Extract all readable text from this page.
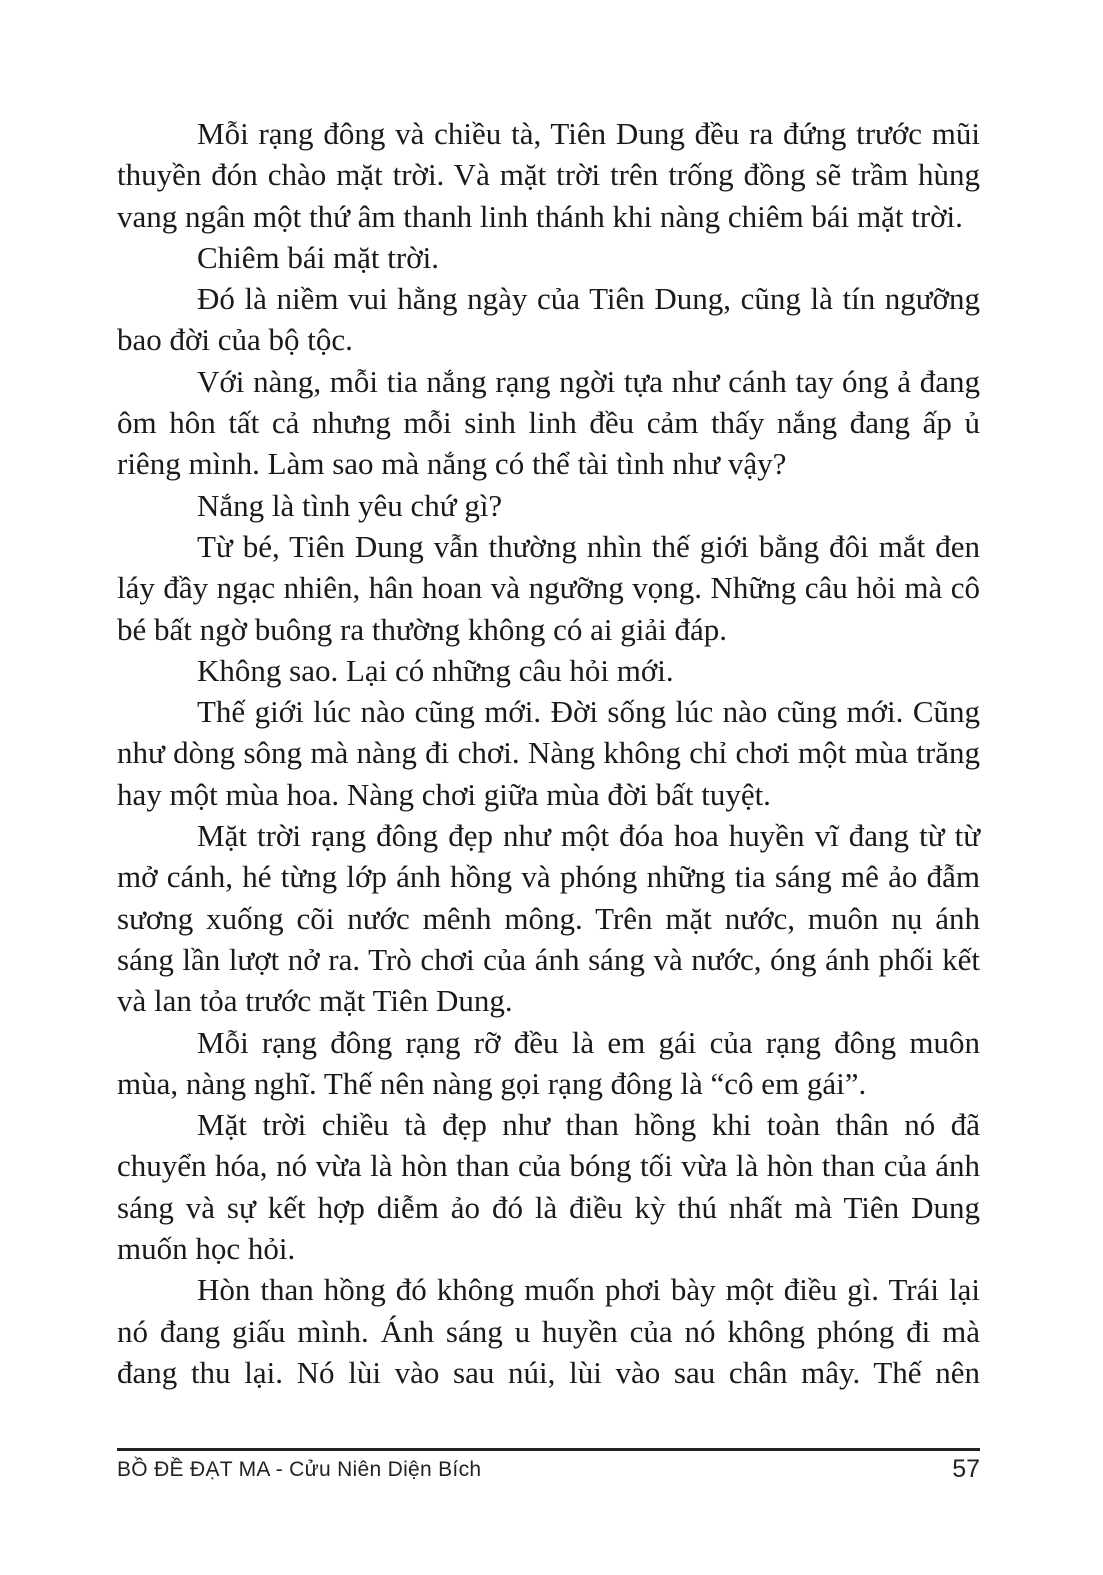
Mỗi rạng đông và chiều tà, Tiên Dung đều ra đứng trước mũi thuyền đón chào mặt trời. Và mặt trời trên trống đồng sẽ trầm hùng vang ngân một thứ âm thanh linh thánh khi nàng chiêm bái mặt trời.

Chiêm bái mặt trời.

Đó là niềm vui hằng ngày của Tiên Dung, cũng là tín ngưỡng bao đời của bộ tộc.

Với nàng, mỗi tia nắng rạng ngời tựa như cánh tay óng ả đang ôm hôn tất cả nhưng mỗi sinh linh đều cảm thấy nắng đang ấp ủ riêng mình. Làm sao mà nắng có thể tài tình như vậy?

Nắng là tình yêu chứ gì?

Từ bé, Tiên Dung vẫn thường nhìn thế giới bằng đôi mắt đen láy đầy ngạc nhiên, hân hoan và ngưỡng vọng. Những câu hỏi mà cô bé bất ngờ buông ra thường không có ai giải đáp.

Không sao. Lại có những câu hỏi mới.

Thế giới lúc nào cũng mới. Đời sống lúc nào cũng mới. Cũng như dòng sông mà nàng đi chơi. Nàng không chỉ chơi một mùa trăng hay một mùa hoa. Nàng chơi giữa mùa đời bất tuyệt.

Mặt trời rạng đông đẹp như một đóa hoa huyền vĩ đang từ từ mở cánh, hé từng lớp ánh hồng và phóng những tia sáng mê ảo đẫm sương xuống cõi nước mênh mông. Trên mặt nước, muôn nụ ánh sáng lần lượt nở ra. Trò chơi của ánh sáng và nước, óng ánh phối kết và lan tỏa trước mặt Tiên Dung.

Mỗi rạng đông rạng rỡ đều là em gái của rạng đông muôn mùa, nàng nghĩ. Thế nên nàng gọi rạng đông là “cô em gái”.

Mặt trời chiều tà đẹp như than hồng khi toàn thân nó đã chuyển hóa, nó vừa là hòn than của bóng tối vừa là hòn than của ánh sáng và sự kết hợp diễm ảo đó là điều kỳ thú nhất mà Tiên Dung muốn học hỏi.

Hòn than hồng đó không muốn phơi bày một điều gì. Trái lại nó đang giấu mình. Ánh sáng u huyền của nó không phóng đi mà đang thu lại. Nó lùi vào sau núi, lùi vào sau chân mây. Thế nên

BỒ ĐỀ ĐẠT MA - Cửu Niên Diện Bích	57
